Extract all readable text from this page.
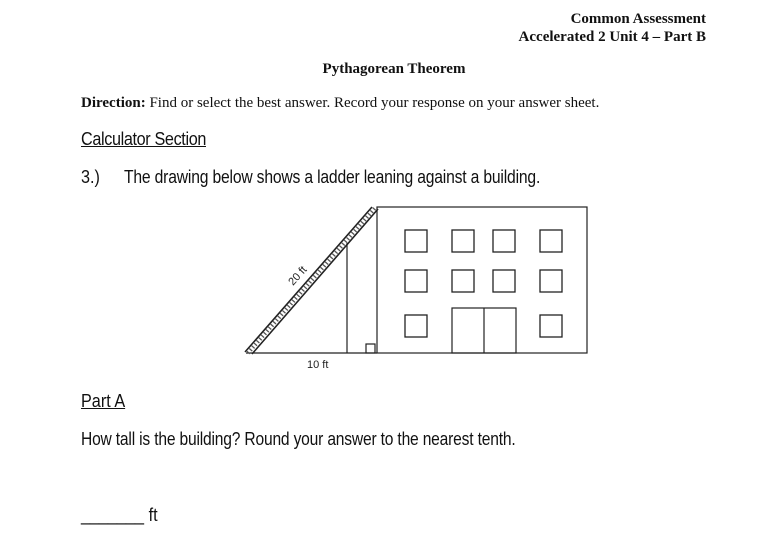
Common Assessment
Accelerated 2 Unit 4 – Part B
Pythagorean Theorem
Direction: Find or select the best answer. Record your response on your answer sheet.
Calculator Section
3.) The drawing below shows a ladder leaning against a building.
20 ft
10 ft
Part A
How tall is the building? Round your answer to the nearest tenth.
_______ ft
